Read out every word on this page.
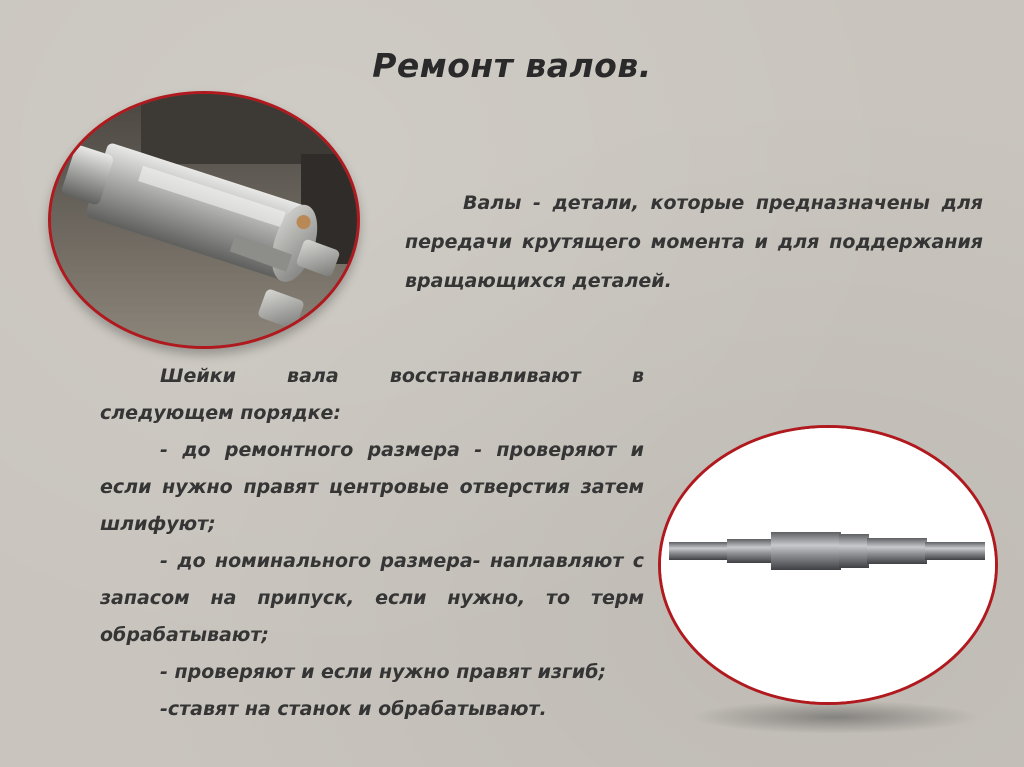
Ремонт валов.
Валы - детали, которые предназначены для передачи крутящего момента и для поддержания вращающихся деталей.

Шейки вала восстанавливают в следующем порядке:

- до ремонтного размера - проверяют и если нужно правят центровые отверстия затем шлифуют;

- до номинального размера- наплавляют с запасом на припуск, если нужно, то терм обрабатывают;

- проверяют и если нужно правят изгиб;

-ставят на станок и обрабатывают.
